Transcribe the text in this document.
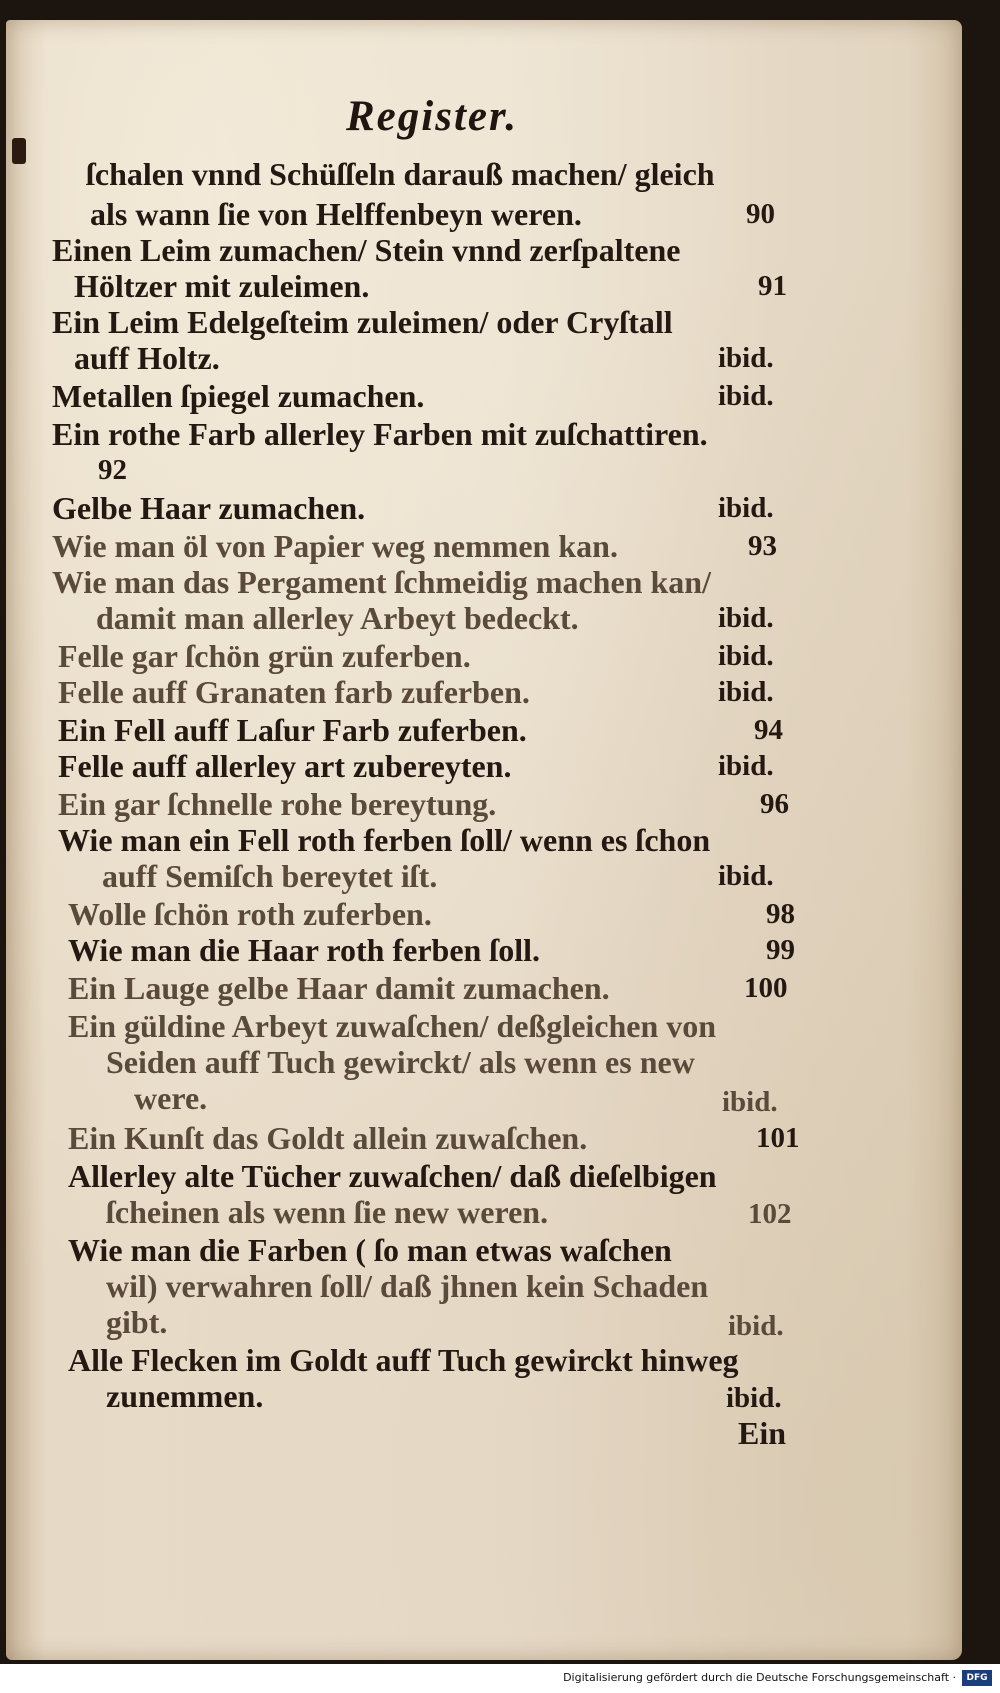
Register.
ſchalen vnnd Schüſſeln darauß machen/ gleich
als wann ſie von Helffenbeyn weren.	90
Einen Leim zumachen/ Stein vnnd zerſpaltene
Höltzer mit zuleimen.	91
Ein Leim Edelgeſteim zuleimen/ oder Cryſtall
auff Holtz.	ibid.
Metallen ſpiegel zumachen.	ibid.
Ein rothe Farb allerley Farben mit zuſchattiren.
92
Gelbe Haar zumachen.	ibid.
Wie man öl von Papier weg nemmen kan.	93
Wie man das Pergament ſchmeidig machen kan/
damit man allerley Arbeyt bedeckt.	ibid.
Felle gar ſchön grün zuferben.	ibid.
Felle auff Granaten farb zuferben.	ibid.
Ein Fell auff Laſur Farb zuferben.	94
Felle auff allerley art zubereyten.	ibid.
Ein gar ſchnelle rohe bereytung.	96
Wie man ein Fell roth ferben ſoll/ wenn es ſchon
auff Semiſch bereytet iſt.	ibid.
Wolle ſchön roth zuferben.	98
Wie man die Haar roth ferben ſoll.	99
Ein Lauge gelbe Haar damit zumachen.	100
Ein güldine Arbeyt zuwaſchen/ deßgleichen von
Seiden auff Tuch gewirckt/ als wenn es new
were.	ibid.
Ein Kunſt das Goldt allein zuwaſchen.	101
Allerley alte Tücher zuwaſchen/ daß dieſelbigen
ſcheinen als wenn ſie new weren.	102
Wie man die Farben ( ſo man etwas waſchen
wil) verwahren ſoll/ daß jhnen kein Schaden
gibt.	ibid.
Alle Flecken im Goldt auff Tuch gewirckt hinweg
zunemmen.	ibid.
Ein
Digitalisierung gefördert durch die Deutsche Forschungsgemeinschaft ·	DFG
